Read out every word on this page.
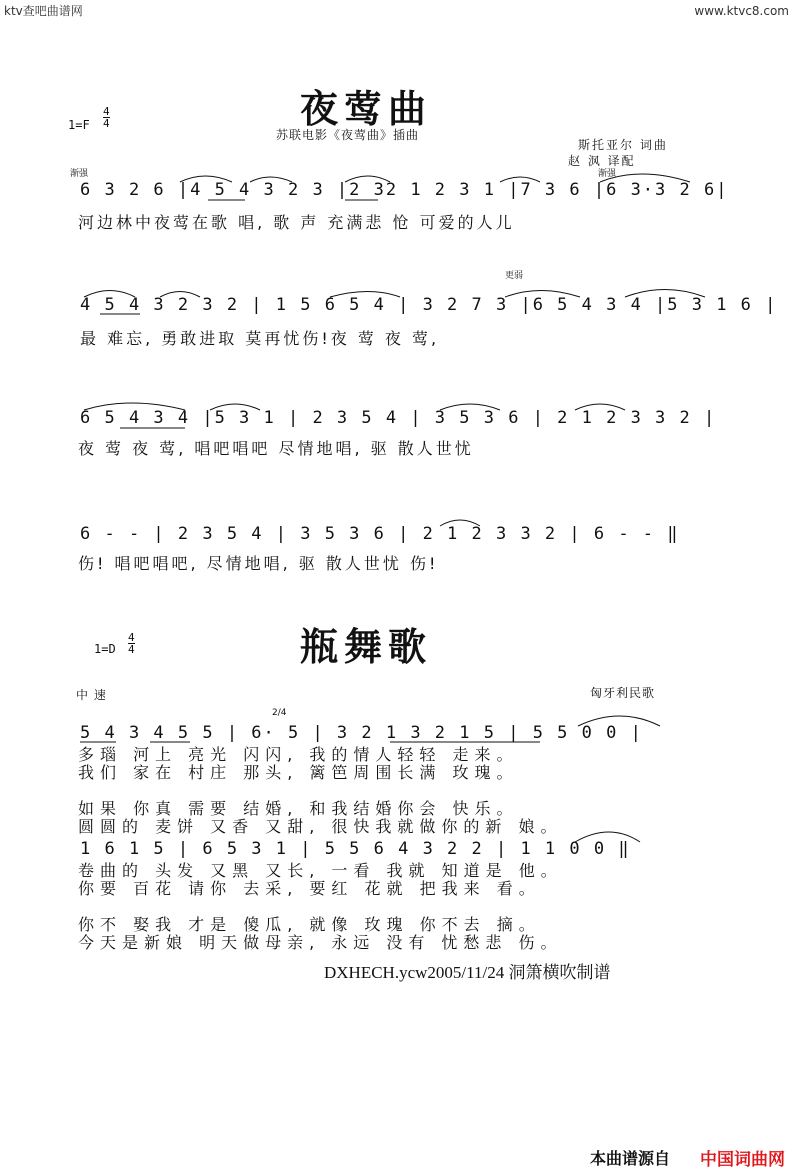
ktv查吧曲谱网	www.ktvc8.com
1=F
4
4	夜莺曲
苏联电影《夜莺曲》插曲
斯托亚尔 词曲
赵 沨 译配
渐强	渐强
更弱
6 3 2 6 |4 5 4 3 2 3 |2 32 1 2 3 1 |7 3 6 |6 3·3 2 6|
河边林中夜莺在歌 唱, 歌 声 充满悲 怆 可爱的人儿
4 5 4 3 2 3 2 | 1 5 6 5 4 | 3 2 7 3 |6 5 4 3 4 |5 3 1 6 |
最 难忘, 勇敢进取 莫再忧伤!夜 莺 夜 莺,
6 5 4 3 4 |5 3 1 | 2 3 5 4 | 3 5 3 6 | 2 1 2 3 3 2 |
夜 莺 夜 莺, 唱吧唱吧 尽情地唱, 驱 散人世忧
6 - - | 2 3 5 4 | 3 5 3 6 | 2 1 2 3 3 2 | 6 - - ‖
伤! 唱吧唱吧, 尽情地唱, 驱 散人世忧 伤!
1=D
4
4	瓶舞歌
中 速	匈牙利民歌
2/4
5 4 3 4 5 5 | 6· 5 | 3 2 1 3 2 1 5 | 5 5 0 0 |
多瑙 河上 亮光 闪闪, 我的情人轻轻 走来。
我们 家在 村庄 那头, 篱笆周围长满 玫瑰。
如果 你真 需要 结婚, 和我结婚你会 快乐。
圆圆的 麦饼 又香 又甜, 很快我就做你的新 娘。
1 6 1 5 | 6 5 3 1 | 5 5 6 4 3 2 2 | 1 1 0 0 ‖
卷曲的 头发 又黑 又长, 一看 我就 知道是 他。
你要 百花 请你 去采, 要红 花就 把我来 看。
你不 娶我 才是 傻瓜, 就像 玫瑰 你不去 摘。
今天是新娘 明天做母亲, 永远 没有 忧愁悲 伤。
DXHECH.ycw2005/11/24 洞箫横吹制谱
本曲谱源自 中国词曲网
